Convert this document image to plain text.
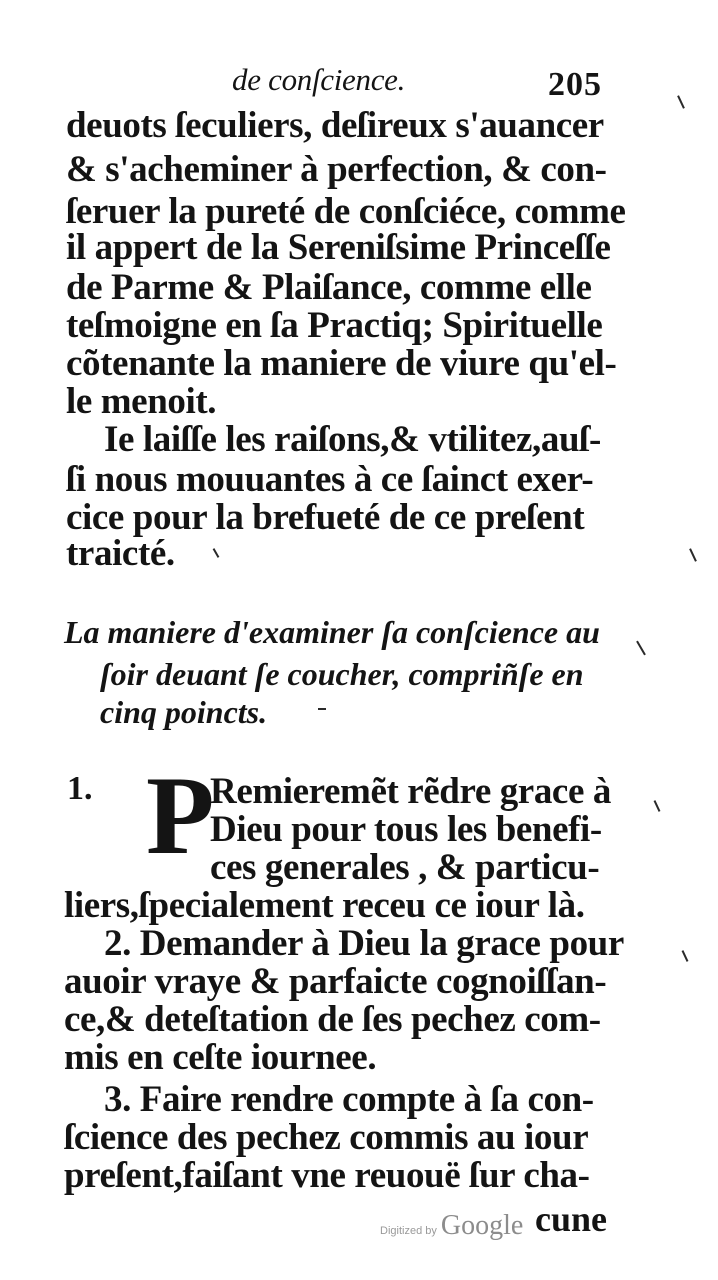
de conſcience.	205
deuots ſeculiers, deſireux s'auancer
& s'acheminer à perfection, & con-
ſeruer la pureté de conſciéce, comme
il appert de la Sereniſsime Princeſſe
de Parme & Plaiſance, comme elle
teſmoigne en ſa Practiq; Spirituelle
cõtenante la maniere de viure qu'el-
le menoit.
Ie laiſſe les raiſons,& vtilitez,auſ-
ſi nous mouuantes à ce ſainct exer-
cice pour la brefueté de ce preſent
traicté.
La maniere d'examiner ſa conſcience au
ſoir deuant ſe coucher, compriñſe en
cinq poincts.
1. P
Remieremẽt rẽdre grace à
Dieu pour tous les benefi-
ces generales , & particu-
liers,ſpecialement receu ce iour là.
2. Demander à Dieu la grace pour
auoir vraye & parfaicte cognoiſſan-
ce,& deteſtation de ſes pechez com-
mis en ceſte iournee.
3. Faire rendre compte à ſa con-
ſcience des pechez commis au iour
preſent,faiſant vne reuouë ſur cha-
cune
Digitized by Google
